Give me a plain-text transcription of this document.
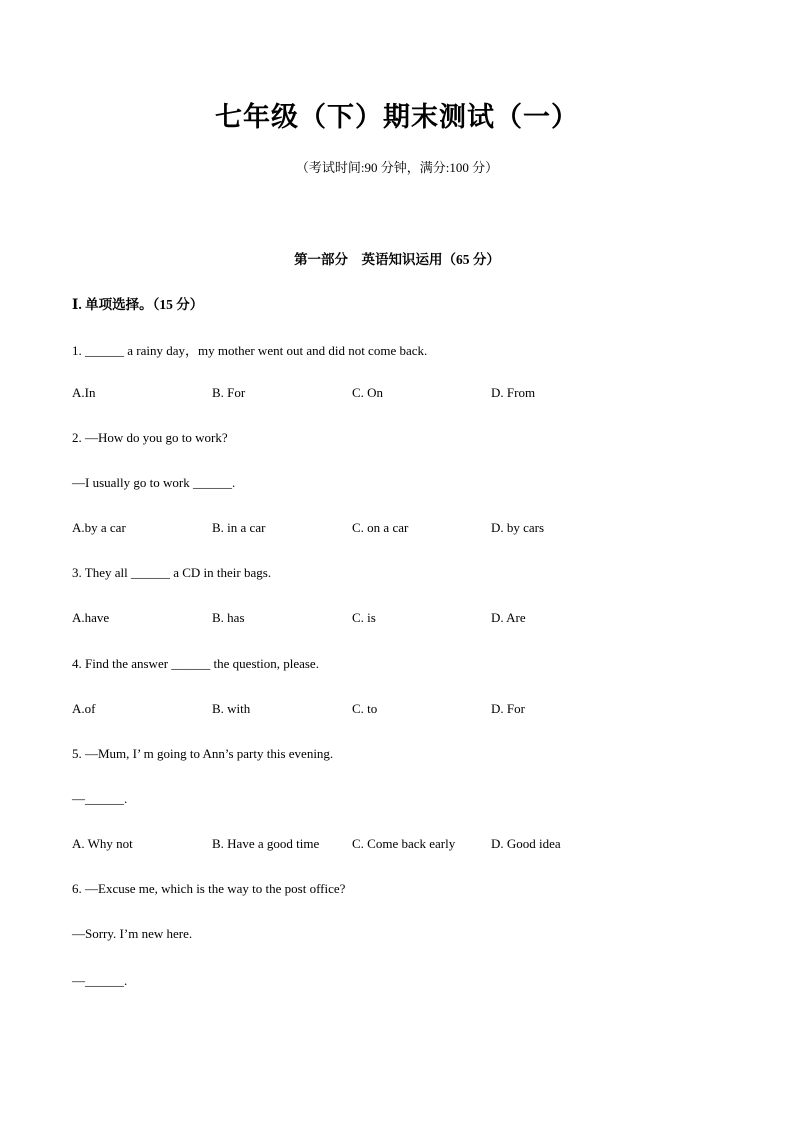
七年级（下）期末测试（一）

（考试时间:90 分钟，满分:100 分）

第一部分　英语知识运用（65 分）

Ⅰ. 单项选择。（15 分）

1. ______ a rainy day，my mother went out and did not come back.

A.In	B. For	C. On	D. From

2. —How do you go to work?

—I usually go to work ______.

A.by a car	B. in a car	C. on a car	D. by cars

3. They all ______ a CD in their bags.

A.have	B. has	C. is	D. Are

4. Find the answer ______ the question, please.

A.of	B. with	C. to	D. For

5. —Mum, I’ m going to Ann’s party this evening.

—______.

A. Why not	B. Have a good time	C. Come back early	D. Good idea

6. —Excuse me, which is the way to the post office?

—Sorry. I’m new here.

—______.
